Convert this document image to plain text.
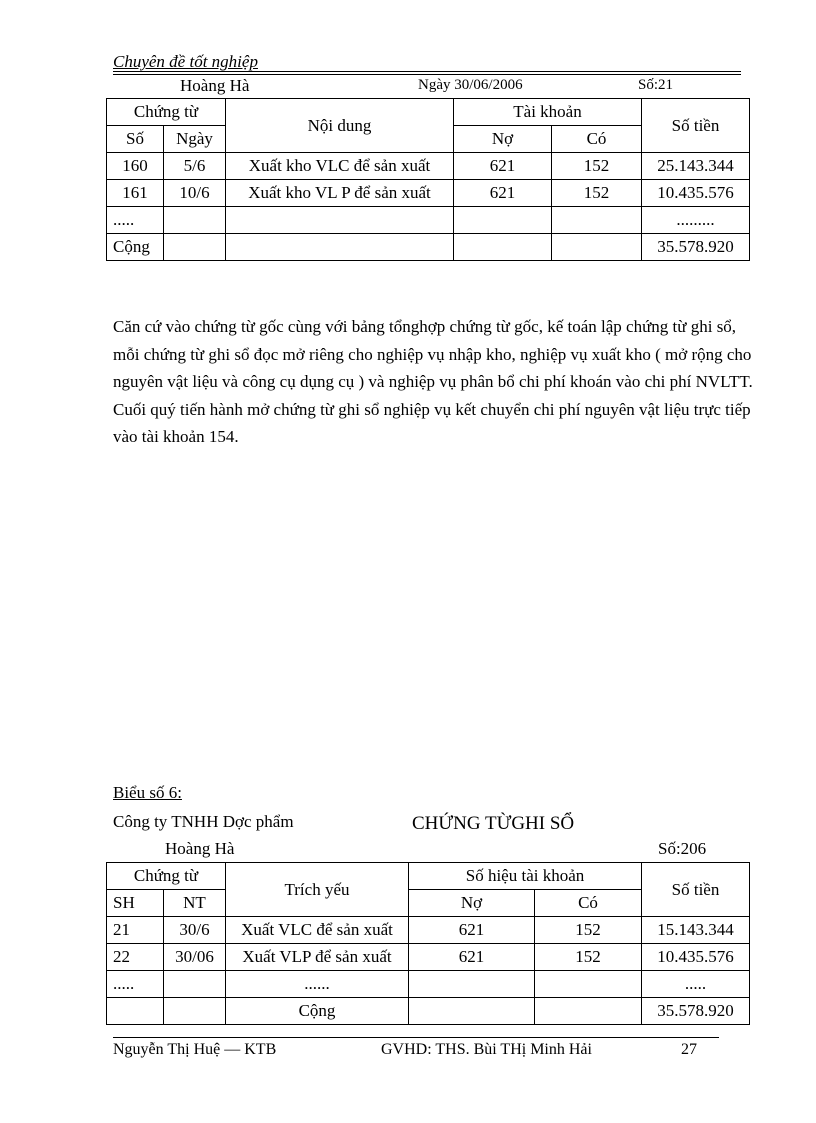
Chuyên đề tốt nghiệp
Hoàng Hà	Ngày 30/06/2006	Số:21
Chứng từ		Nội dung	Tài khoản		Số tiền
Số	Ngày		Nợ	Có	
160	5/6	Xuất kho VLC để sản xuất	621	152	25.143.344
161	10/6	Xuất kho VL P để sản xuất	621	152	10.435.576
.....					.........
Cộng					35.578.920
Căn cứ vào chứng từ gốc cùng với bảng tổnghợp chứng từ gốc, kế toán lập chứng từ ghi sổ, mỗi chứng từ ghi sổ đọc mở riêng cho nghiệp vụ nhập kho, nghiệp vụ xuất kho ( mở rộng cho nguyên vật liệu và công cụ dụng cụ ) và nghiệp vụ phân bổ chi phí khoán vào chi phí NVLTT. Cuối quý tiến hành mở chứng từ ghi sổ nghiệp vụ kết chuyển chi phí nguyên vật liệu trực tiếp vào tài khoản 154.
Biểu số 6:
Công ty TNHH Dợc phẩm	CHỨNG TỪGHI SỔ
Hoàng Hà	Số:206
Chứng từ		Trích yếu	Số hiệu tài khoản		Số tiền
SH	NT		Nợ	Có	
21	30/6	Xuất VLC để sản xuất	621	152	15.143.344
22	30/06	Xuất VLP để sản xuất	621	152	10.435.576
.....		......			.....
		Cộng			35.578.920
Nguyễn Thị Huệ — KTB	GVHD: THS. Bùi THị Minh Hải	27
